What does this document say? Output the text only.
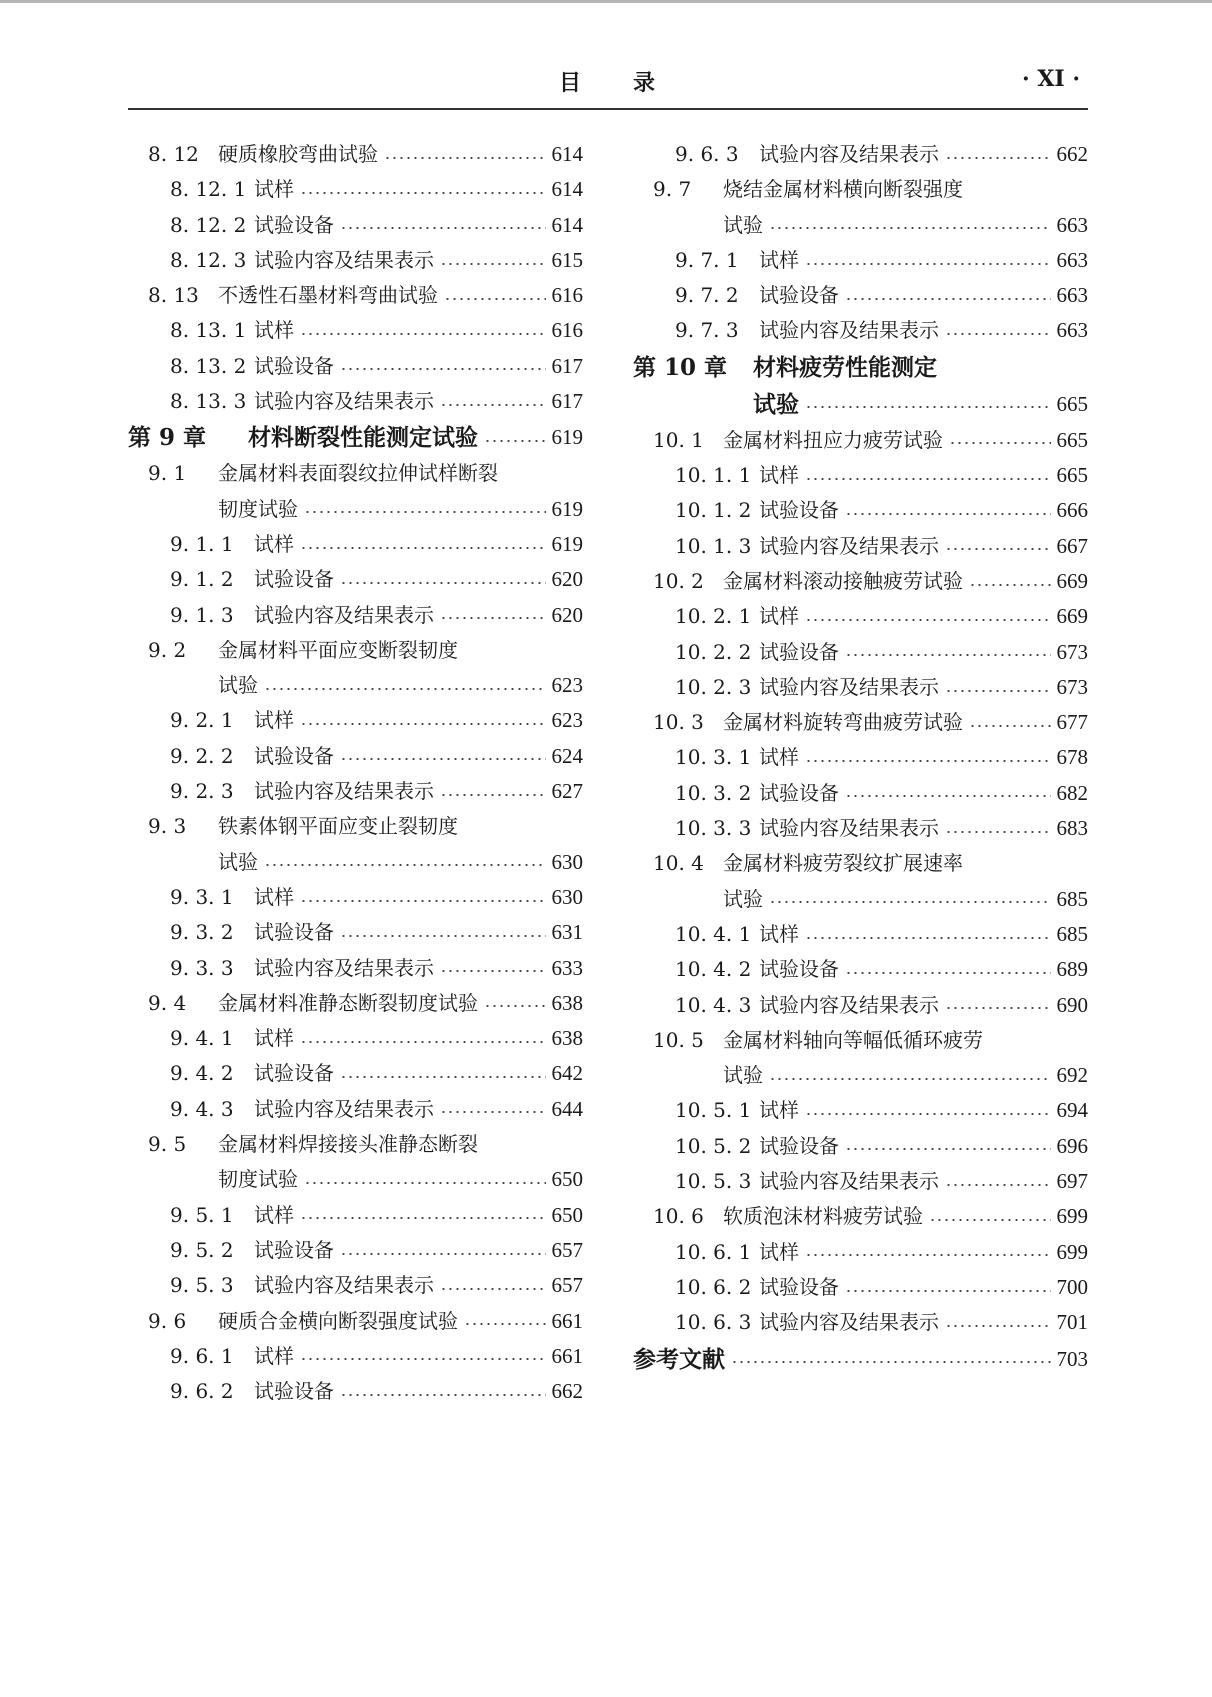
目 录	· XI ·
8. 12 硬质橡胶弯曲试验	614
8. 12. 1 试样	614
8. 12. 2 试验设备	614
8. 12. 3 试验内容及结果表示	615
8. 13 不透性石墨材料弯曲试验	616
8. 13. 1 试样	616
8. 13. 2 试验设备	617
8. 13. 3 试验内容及结果表示	617
第 9 章	材料断裂性能测定试验	619
9. 1	金属材料表面裂纹拉伸试样断裂
韧度试验	619
9. 1. 1	试样	619
9. 1. 2	试验设备	620
9. 1. 3	试验内容及结果表示	620
9. 2	金属材料平面应变断裂韧度
试验	623
9. 2. 1	试样	623
9. 2. 2	试验设备	624
9. 2. 3	试验内容及结果表示	627
9. 3	铁素体钢平面应变止裂韧度
试验	630
9. 3. 1	试样	630
9. 3. 2	试验设备	631
9. 3. 3	试验内容及结果表示	633
9. 4	金属材料准静态断裂韧度试验	638
9. 4. 1	试样	638
9. 4. 2	试验设备	642
9. 4. 3	试验内容及结果表示	644
9. 5	金属材料焊接接头准静态断裂
韧度试验	650
9. 5. 1	试样	650
9. 5. 2	试验设备	657
9. 5. 3	试验内容及结果表示	657
9. 6	硬质合金横向断裂强度试验	661
9. 6. 1	试样	661
9. 6. 2	试验设备	662
9. 6. 3	试验内容及结果表示	662
9. 7	烧结金属材料横向断裂强度
试验	663
9. 7. 1	试样	663
9. 7. 2	试验设备	663
9. 7. 3	试验内容及结果表示	663
第 10 章	材料疲劳性能测定
试验	665
10. 1 金属材料扭应力疲劳试验	665
10. 1. 1 试样	665
10. 1. 2 试验设备	666
10. 1. 3 试验内容及结果表示	667
10. 2 金属材料滚动接触疲劳试验	669
10. 2. 1 试样	669
10. 2. 2 试验设备	673
10. 2. 3 试验内容及结果表示	673
10. 3 金属材料旋转弯曲疲劳试验	677
10. 3. 1 试样	678
10. 3. 2 试验设备	682
10. 3. 3 试验内容及结果表示	683
10. 4 金属材料疲劳裂纹扩展速率
试验	685
10. 4. 1 试样	685
10. 4. 2 试验设备	689
10. 4. 3 试验内容及结果表示	690
10. 5 金属材料轴向等幅低循环疲劳
试验	692
10. 5. 1 试样	694
10. 5. 2 试验设备	696
10. 5. 3 试验内容及结果表示	697
10. 6 软质泡沫材料疲劳试验	699
10. 6. 1 试样	699
10. 6. 2 试验设备	700
10. 6. 3 试验内容及结果表示	701
参考文献	703
